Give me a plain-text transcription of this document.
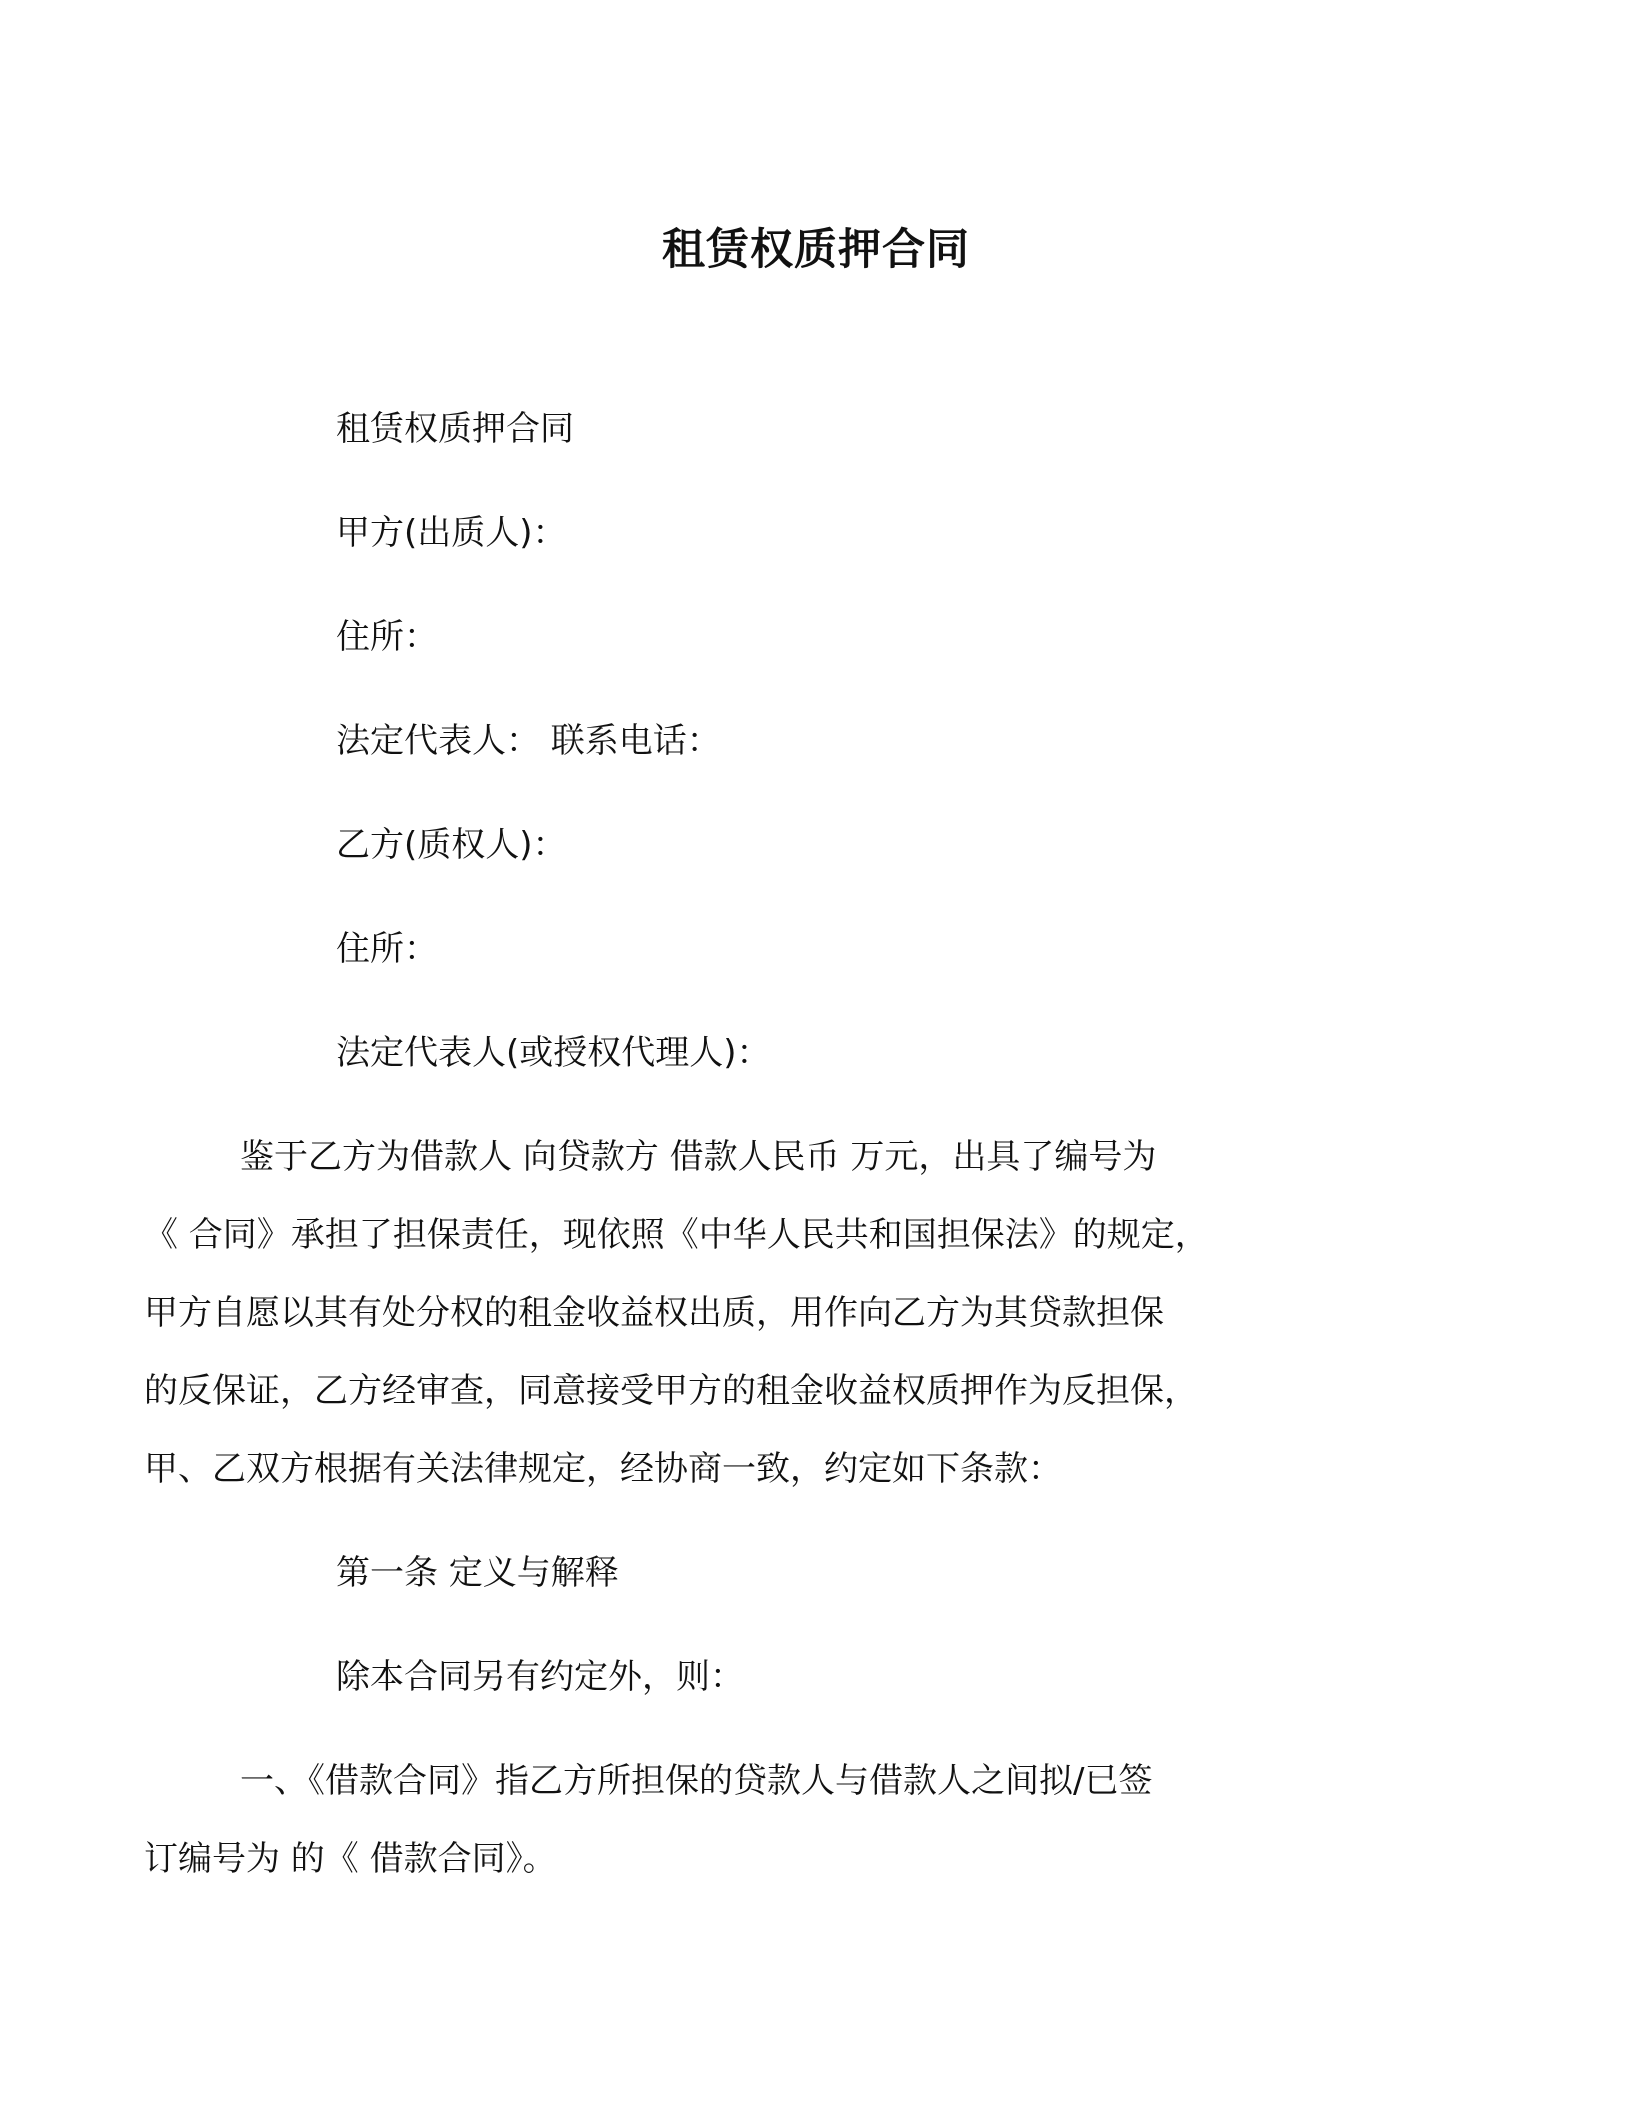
租赁权质押合同

租赁权质押合同

甲方(出质人)：

住所：

法定代表人： 联系电话：

乙方(质权人)：

住所：

法定代表人(或授权代理人)：

鉴于乙方为借款人 向贷款方 借款人民币 万元，出具了编号为
《 合同》承担了担保责任，现依照《中华人民共和国担保法》的规定，
甲方自愿以其有处分权的租金收益权出质，用作向乙方为其贷款担保
的反保证，乙方经审查，同意接受甲方的租金收益权质押作为反担保，
甲、乙双方根据有关法律规定，经协商一致，约定如下条款：

第一条 定义与解释

除本合同另有约定外，则：

一、《借款合同》指乙方所担保的贷款人与借款人之间拟/已签
订编号为 的《 借款合同》。
